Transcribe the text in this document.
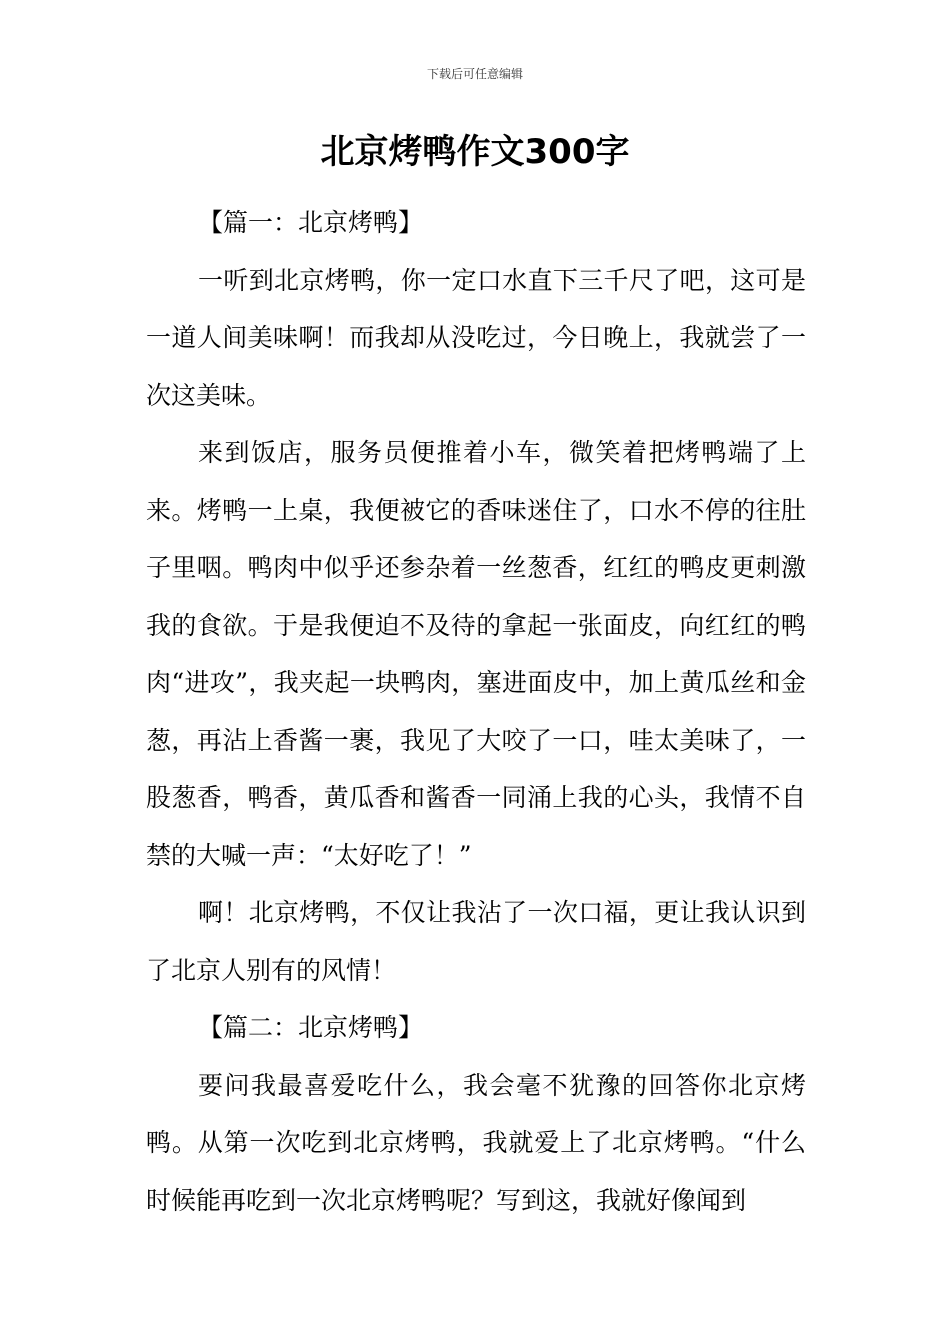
下载后可任意编辑
北京烤鸭作文300字

【篇一：北京烤鸭】

一听到北京烤鸭，你一定口水直下三千尺了吧，这可是一道人间美味啊！而我却从没吃过，今日晚上，我就尝了一次这美味。

来到饭店，服务员便推着小车，微笑着把烤鸭端了上来。烤鸭一上桌，我便被它的香味迷住了，口水不停的往肚子里咽。鸭肉中似乎还参杂着一丝葱香，红红的鸭皮更刺激我的食欲。于是我便迫不及待的拿起一张面皮，向红红的鸭肉“进攻”，我夹起一块鸭肉，塞进面皮中，加上黄瓜丝和金葱，再沾上香酱一裹，我见了大咬了一口，哇太美味了，一股葱香，鸭香，黄瓜香和酱香一同涌上我的心头，我情不自禁的大喊一声：“太好吃了！”

啊！北京烤鸭，不仅让我沾了一次口福，更让我认识到了北京人别有的风情！

【篇二：北京烤鸭】

要问我最喜爱吃什么，我会毫不犹豫的回答你北京烤鸭。从第一次吃到北京烤鸭，我就爱上了北京烤鸭。“什么时候能再吃到一次北京烤鸭呢？写到这，我就好像闻到
